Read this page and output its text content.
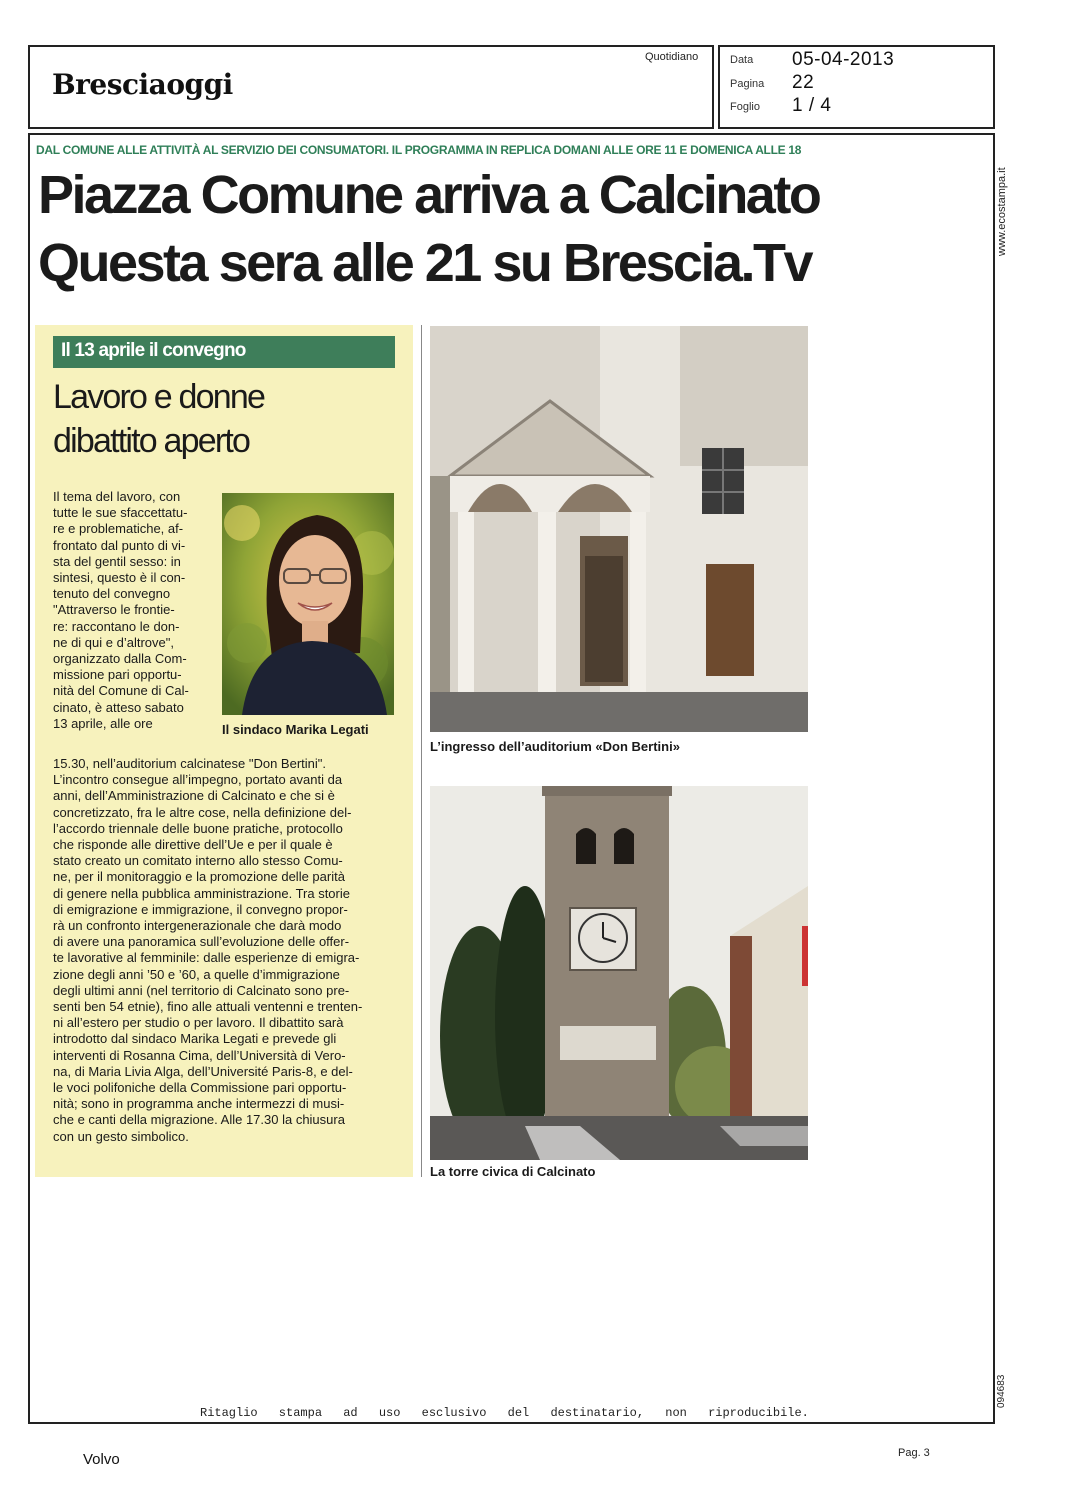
Bresciaoggi
Quotidiano	Data 05-04-2013
Pagina 22
Foglio 1 / 4
www.ecostampa.it
094683
DAL COMUNE ALLE ATTIVITÀ AL SERVIZIO DEI CONSUMATORI. IL PROGRAMMA IN REPLICA DOMANI ALLE ORE 11 E DOMENICA ALLE 18
Piazza Comune arriva a Calcinato
Questa sera alle 21 su Brescia.Tv
Il 13 aprile il convegno
Lavoro e donne
dibattito aperto
Il tema del lavoro, con
tutte le sue sfaccettatu-
re e problematiche, af-
frontato dal punto di vi-
sta del gentil sesso: in
sintesi, questo è il con-
tenuto del convegno
"Attraverso le frontie-
re: raccontano le don-
ne di qui e d’altrove",
organizzato dalla Com-
missione pari opportu-
nità del Comune di Cal-
cinato, è atteso sabato
13 aprile, alle ore
15.30, nell’auditorium calcinatese "Don Bertini".
L’incontro consegue all’impegno, portato avanti da
anni, dell’Amministrazione di Calcinato e che si è
concretizzato, fra le altre cose, nella definizione del-
l’accordo triennale delle buone pratiche, protocollo
che risponde alle direttive dell’Ue e per il quale è
stato creato un comitato interno allo stesso Comu-
ne, per il monitoraggio e la promozione delle parità
di genere nella pubblica amministrazione. Tra storie
di emigrazione e immigrazione, il convegno propor-
rà un confronto intergenerazionale che darà modo
di avere una panoramica sull’evoluzione delle offer-
te lavorative al femminile: dalle esperienze di emigra-
zione degli anni ’50 e ’60, a quelle d’immigrazione
degli ultimi anni (nel territorio di Calcinato sono pre-
senti ben 54 etnie), fino alle attuali ventenni e trenten-
ni all’estero per studio o per lavoro. Il dibattito sarà
introdotto dal sindaco Marika Legati e prevede gli
interventi di Rosanna Cima, dell’Università di Vero-
na, di Maria Livia Alga, dell’Université Paris-8, e del-
le voci polifoniche della Commissione pari opportu-
nità; sono in programma anche intermezzi di musi-
che e canti della migrazione. Alle 17.30 la chiusura
con un gesto simbolico.
Il sindaco Marika Legati
L’ingresso dell’auditorium «Don Bertini»
La torre civica di Calcinato
Ritaglio stampa ad uso esclusivo del destinatario, non riproducibile.
Volvo	Pag. 3
